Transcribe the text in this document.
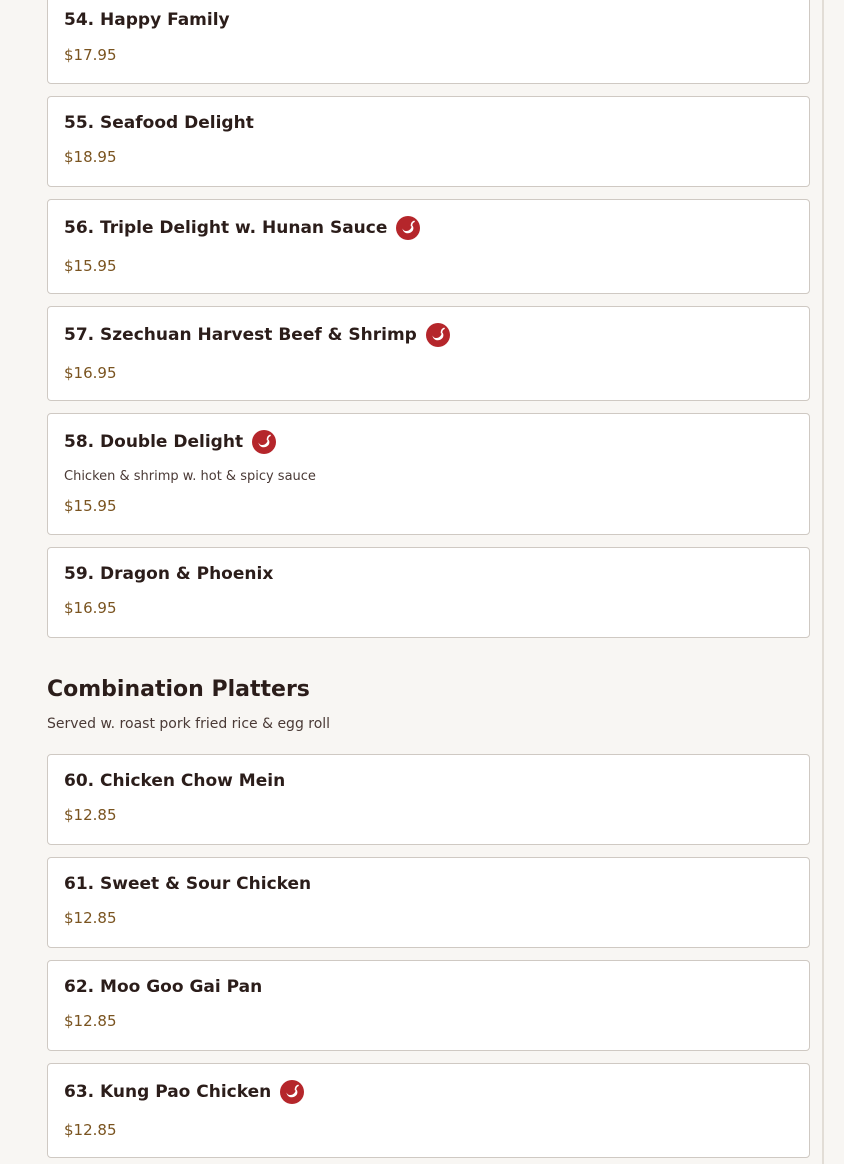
54. Happy Family
$17.95
55. Seafood Delight
$18.95
56. Triple Delight w. Hunan Sauce
$15.95
57. Szechuan Harvest Beef & Shrimp
$16.95
58. Double Delight
Chicken & shrimp w. hot & spicy sauce
$15.95
59. Dragon & Phoenix
$16.95
Combination Platters
Served w. roast pork fried rice & egg roll
60. Chicken Chow Mein
$12.85
61. Sweet & Sour Chicken
$12.85
62. Moo Goo Gai Pan
$12.85
63. Kung Pao Chicken
$12.85
